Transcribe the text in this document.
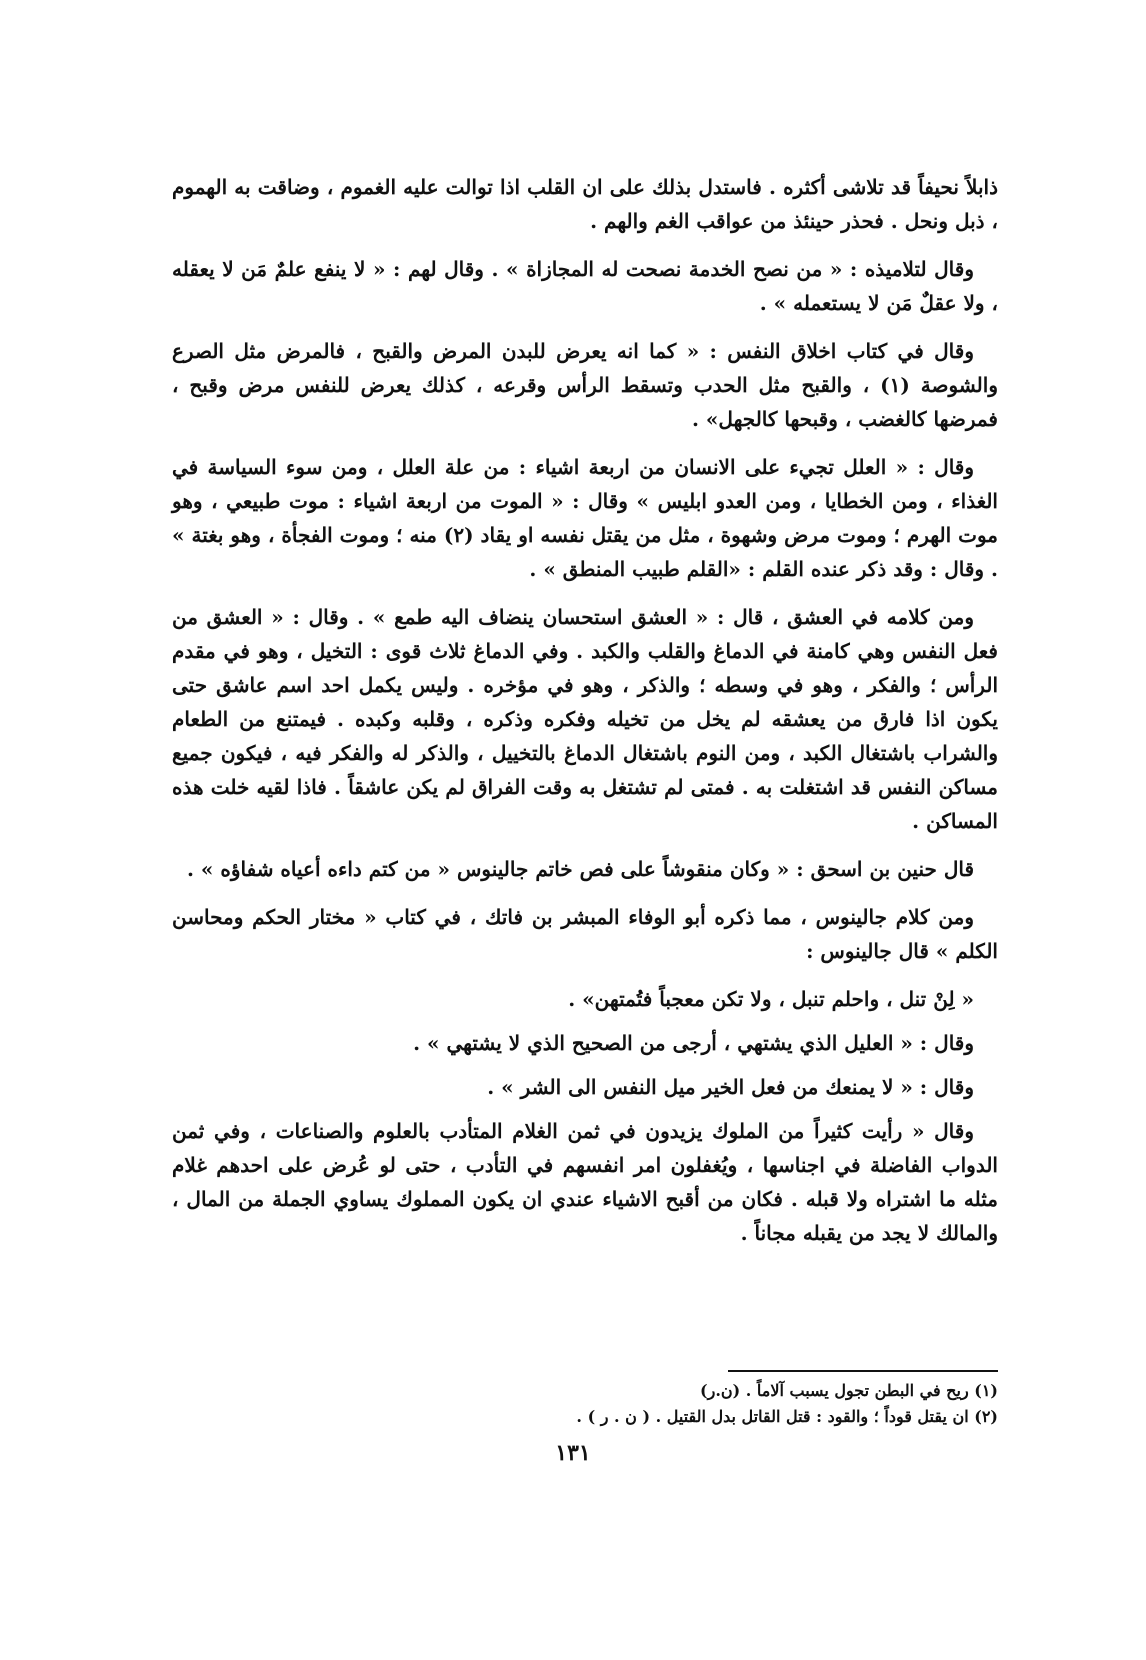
ذابلاً نحيفاً قد تلاشى أكثره . فاستدل بذلك على ان القلب اذا توالت عليه الغموم ، وضاقت به الهموم ، ذبل ونحل . فحذر حينئذ من عواقب الغم والهم .

وقال لتلاميذه : « من نصح الخدمة نصحت له المجازاة » . وقال لهم : « لا ينفع علمٌ مَن لا يعقله ، ولا عقلٌ مَن لا يستعمله » .

وقال في كتاب اخلاق النفس : « كما انه يعرض للبدن المرض والقبح ، فالمرض مثل الصرع والشوصة (١) ، والقبح مثل الحدب وتسقط الرأس وقرعه ، كذلك يعرض للنفس مرض وقبح ، فمرضها كالغضب ، وقبحها كالجهل» .

وقال : « العلل تجيء على الانسان من اربعة اشياء : من علة العلل ، ومن سوء السياسة في الغذاء ، ومن الخطايا ، ومن العدو ابليس » وقال : « الموت من اربعة اشياء : موت طبيعي ، وهو موت الهرم ؛ وموت مرض وشهوة ، مثل من يقتل نفسه او يقاد (٢) منه ؛ وموت الفجأة ، وهو بغتة » . وقال : وقد ذكر عنده القلم : «القلم طبيب المنطق » .

ومن كلامه في العشق ، قال : « العشق استحسان ينضاف اليه طمع » . وقال : « العشق من فعل النفس وهي كامنة في الدماغ والقلب والكبد . وفي الدماغ ثلاث قوى : التخيل ، وهو في مقدم الرأس ؛ والفكر ، وهو في وسطه ؛ والذكر ، وهو في مؤخره . وليس يكمل احد اسم عاشق حتى يكون اذا فارق من يعشقه لم يخل من تخيله وفكره وذكره ، وقلبه وكبده . فيمتنع من الطعام والشراب باشتغال الكبد ، ومن النوم باشتغال الدماغ بالتخييل ، والذكر له والفكر فيه ، فيكون جميع مساكن النفس قد اشتغلت به . فمتى لم تشتغل به وقت الفراق لم يكن عاشقاً . فاذا لقيه خلت هذه المساكن .

قال حنين بن اسحق : « وكان منقوشاً على فص خاتم جالينوس « من كتم داءه أعياه شفاؤه » .

ومن كلام جالينوس ، مما ذكره أبو الوفاء المبشر بن فاتك ، في كتاب « مختار الحكم ومحاسن الكلم » قال جالينوس :

« لِنْ تنل ، واحلم تنبل ، ولا تكن معجباً فتُمتهن» .

وقال : « العليل الذي يشتهي ، أرجى من الصحيح الذي لا يشتهي » .

وقال : « لا يمنعك من فعل الخير ميل النفس الى الشر » .

وقال « رأيت كثيراً من الملوك يزيدون في ثمن الغلام المتأدب بالعلوم والصناعات ، وفي ثمن الدواب الفاضلة في اجناسها ، ويُغفلون امر انفسهم في التأدب ، حتى لو عُرض على احدهم غلام مثله ما اشتراه ولا قبله . فكان من أقبح الاشياء عندي ان يكون المملوك يساوي الجملة من المال ، والمالك لا يجد من يقبله مجاناً .

(١) ريح في البطن تجول يسبب آلاماً . (ن.ر)

(٢) ان يقتل قوداً ؛ والقود : قتل القاتل بدل القتيل . ( ن . ر ) .

١٣١
